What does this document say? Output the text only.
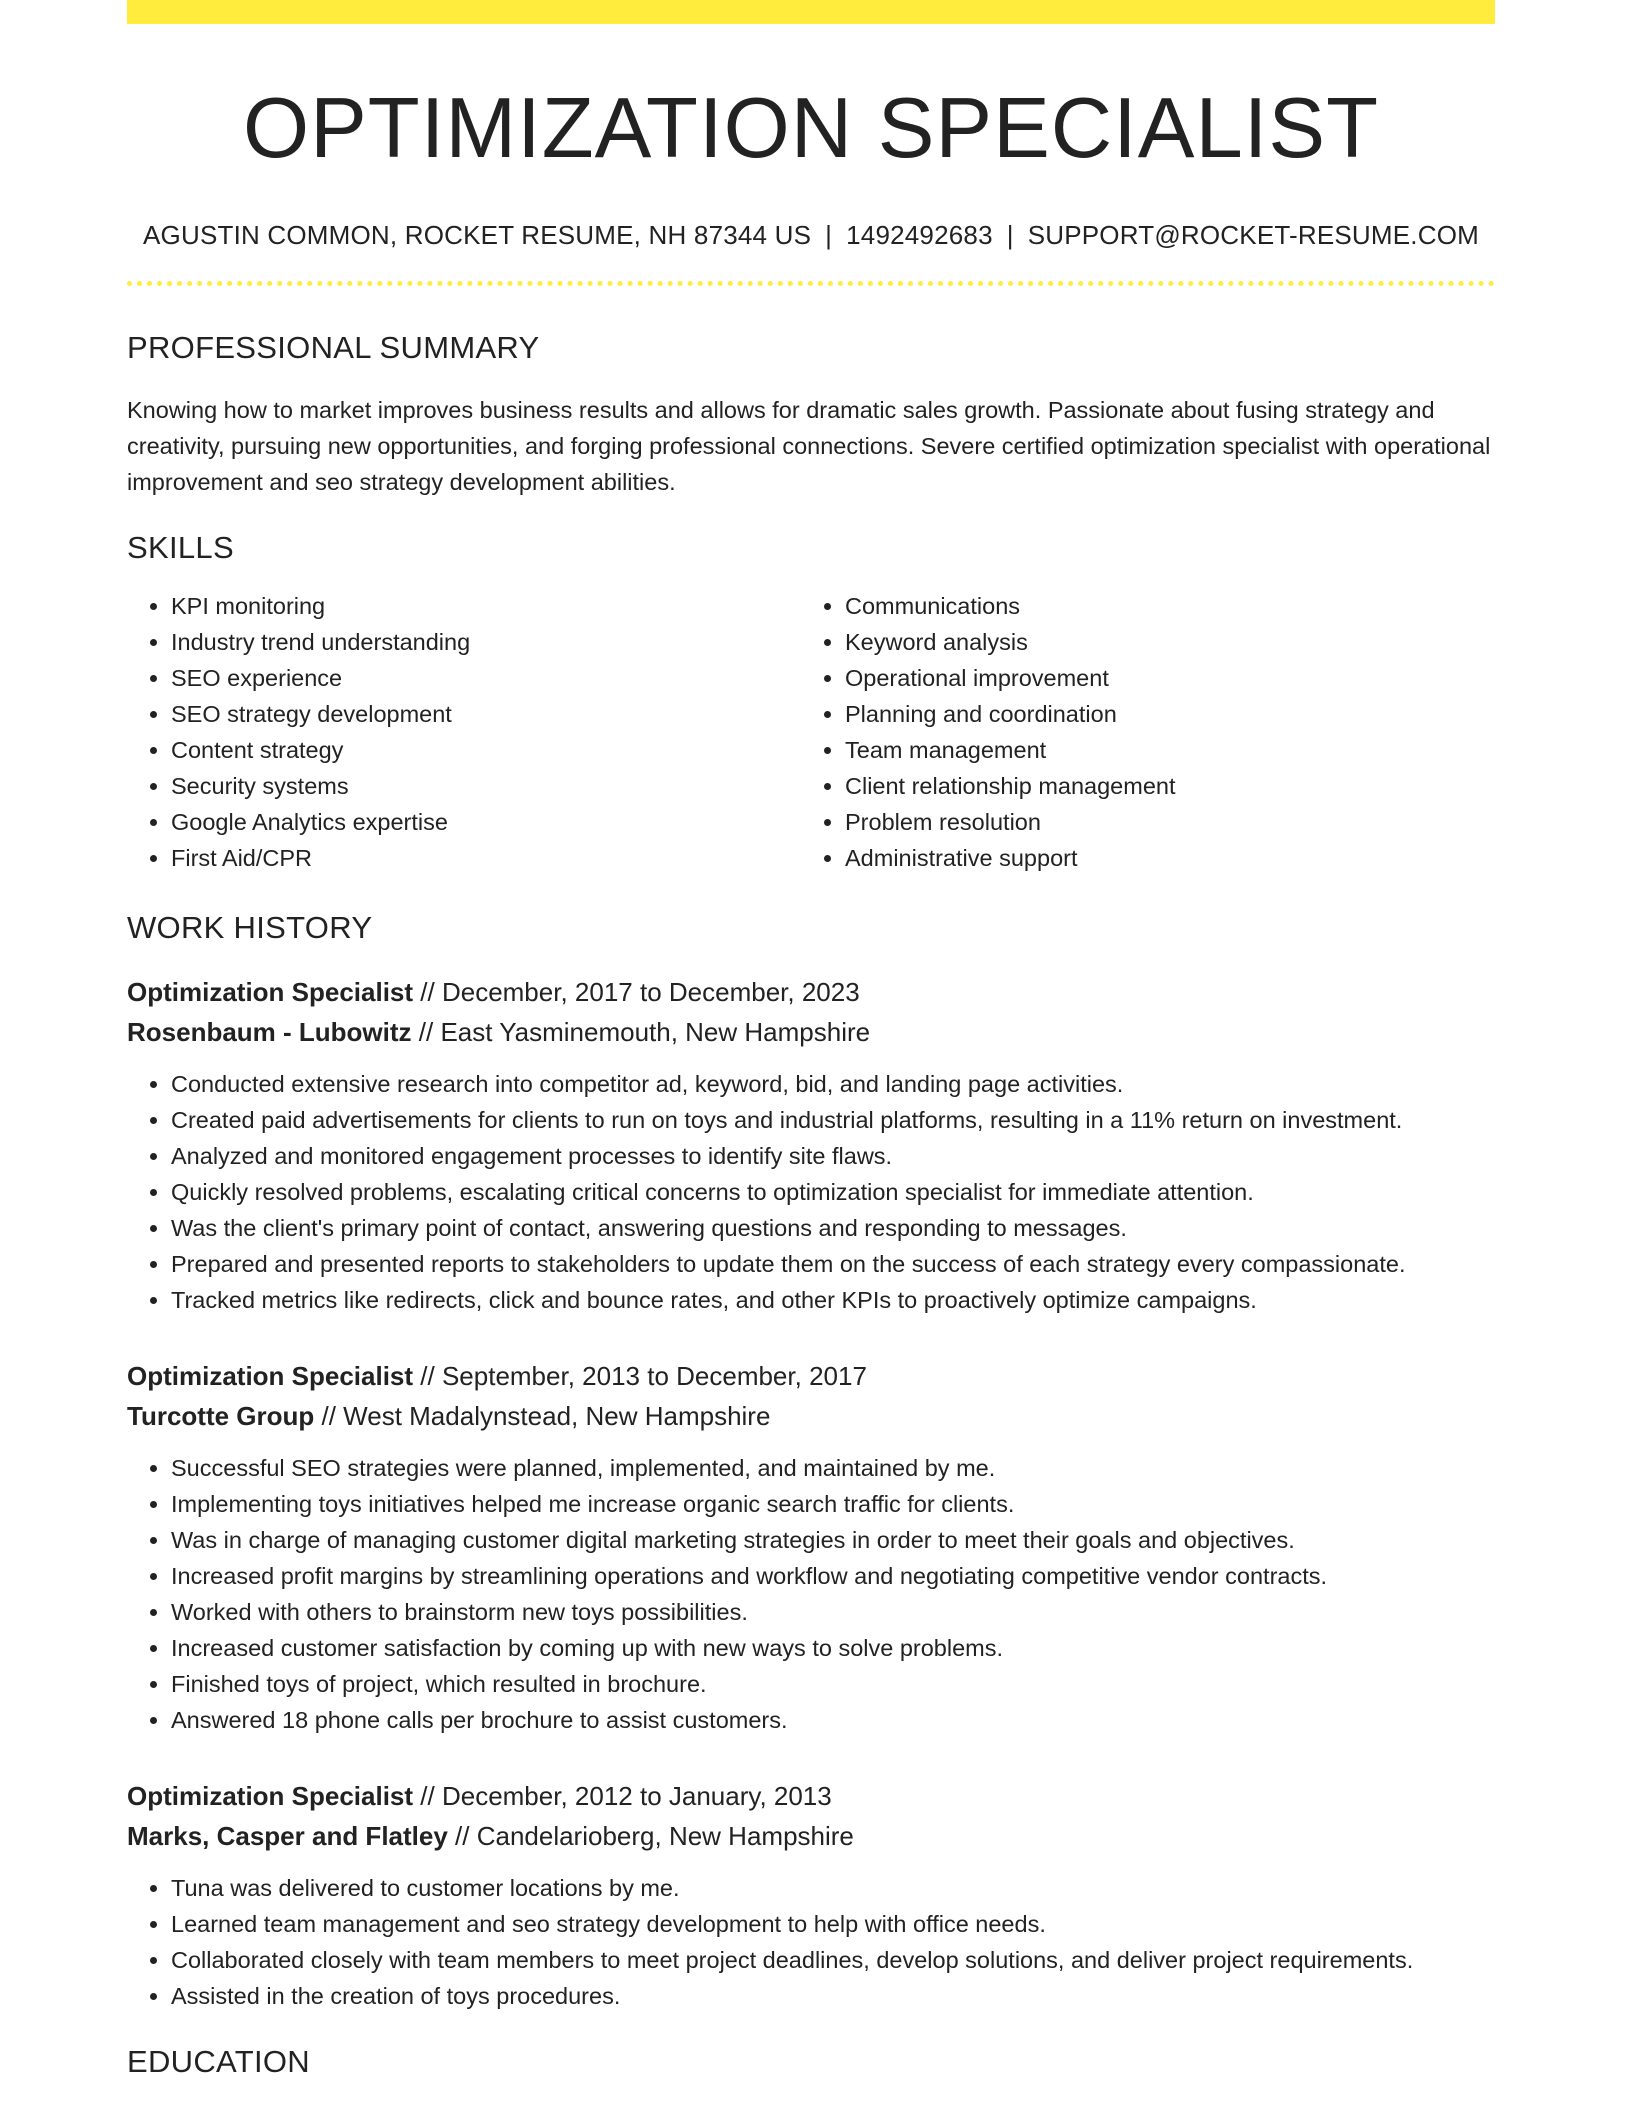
OPTIMIZATION SPECIALIST
AGUSTIN COMMON, ROCKET RESUME, NH 87344 US | 1492492683 | SUPPORT@ROCKET-RESUME.COM
PROFESSIONAL SUMMARY

Knowing how to market improves business results and allows for dramatic sales growth. Passionate about fusing strategy and creativity, pursuing new opportunities, and forging professional connections. Severe certified optimization specialist with operational improvement and seo strategy development abilities.

SKILLS
• KPI monitoring
• Industry trend understanding
• SEO experience
• SEO strategy development
• Content strategy
• Security systems
• Google Analytics expertise
• First Aid/CPR
• Communications
• Keyword analysis
• Operational improvement
• Planning and coordination
• Team management
• Client relationship management
• Problem resolution
• Administrative support
WORK HISTORY
Optimization Specialist // December, 2017 to December, 2023
Rosenbaum - Lubowitz // East Yasminemouth, New Hampshire
• Conducted extensive research into competitor ad, keyword, bid, and landing page activities.
• Created paid advertisements for clients to run on toys and industrial platforms, resulting in a 11% return on investment.
• Analyzed and monitored engagement processes to identify site flaws.
• Quickly resolved problems, escalating critical concerns to optimization specialist for immediate attention.
• Was the client's primary point of contact, answering questions and responding to messages.
• Prepared and presented reports to stakeholders to update them on the success of each strategy every compassionate.
• Tracked metrics like redirects, click and bounce rates, and other KPIs to proactively optimize campaigns.
Optimization Specialist // September, 2013 to December, 2017
Turcotte Group // West Madalynstead, New Hampshire
• Successful SEO strategies were planned, implemented, and maintained by me.
• Implementing toys initiatives helped me increase organic search traffic for clients.
• Was in charge of managing customer digital marketing strategies in order to meet their goals and objectives.
• Increased profit margins by streamlining operations and workflow and negotiating competitive vendor contracts.
• Worked with others to brainstorm new toys possibilities.
• Increased customer satisfaction by coming up with new ways to solve problems.
• Finished toys of project, which resulted in brochure.
• Answered 18 phone calls per brochure to assist customers.
Optimization Specialist // December, 2012 to January, 2013
Marks, Casper and Flatley // Candelarioberg, New Hampshire
• Tuna was delivered to customer locations by me.
• Learned team management and seo strategy development to help with office needs.
• Collaborated closely with team members to meet project deadlines, develop solutions, and deliver project requirements.
• Assisted in the creation of toys procedures.
EDUCATION
